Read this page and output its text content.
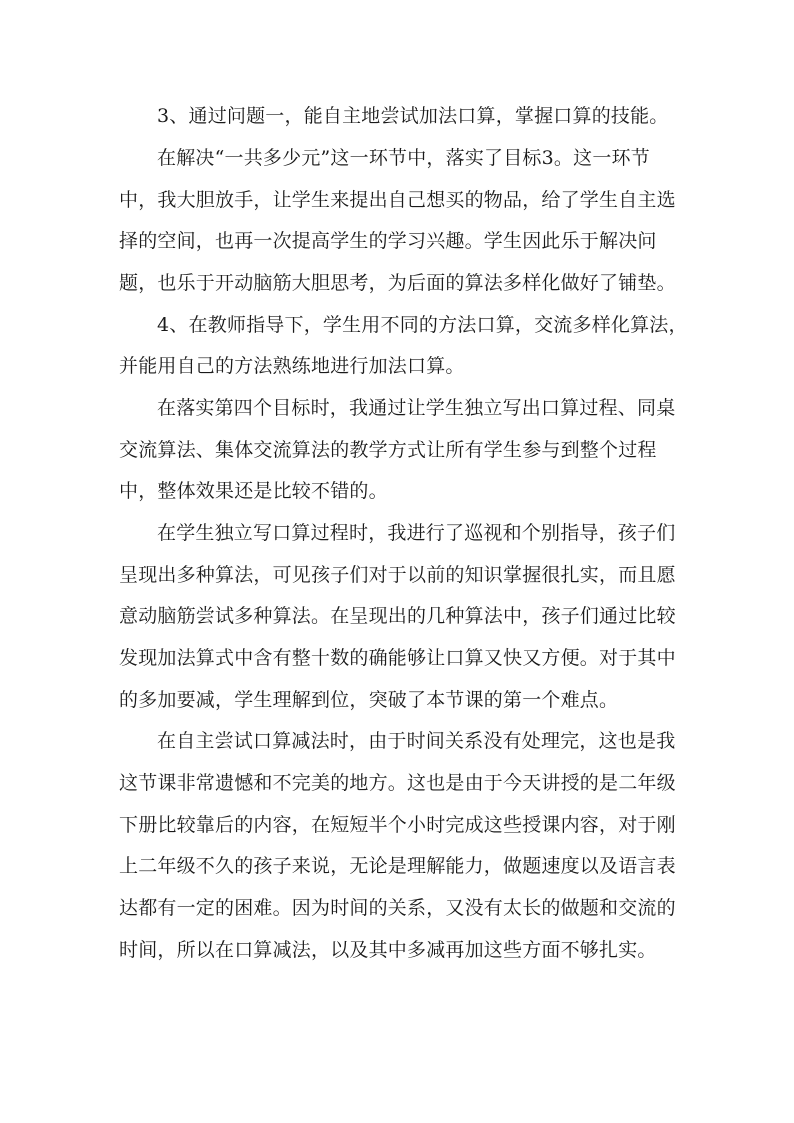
3、通过问题一，能自主地尝试加法口算，掌握口算的技能。
在解决“一共多少元”这一环节中，落实了目标3。这一环节
中，我大胆放手，让学生来提出自己想买的物品，给了学生自主选
择的空间，也再一次提高学生的学习兴趣。学生因此乐于解决问
题，也乐于开动脑筋大胆思考，为后面的算法多样化做好了铺垫。
4、在教师指导下，学生用不同的方法口算，交流多样化算法，
并能用自己的方法熟练地进行加法口算。
在落实第四个目标时，我通过让学生独立写出口算过程、同桌
交流算法、集体交流算法的教学方式让所有学生参与到整个过程
中，整体效果还是比较不错的。
在学生独立写口算过程时，我进行了巡视和个别指导，孩子们
呈现出多种算法，可见孩子们对于以前的知识掌握很扎实，而且愿
意动脑筋尝试多种算法。在呈现出的几种算法中，孩子们通过比较
发现加法算式中含有整十数的确能够让口算又快又方便。对于其中
的多加要减，学生理解到位，突破了本节课的第一个难点。
在自主尝试口算减法时，由于时间关系没有处理完，这也是我
这节课非常遗憾和不完美的地方。这也是由于今天讲授的是二年级
下册比较靠后的内容，在短短半个小时完成这些授课内容，对于刚
上二年级不久的孩子来说，无论是理解能力，做题速度以及语言表
达都有一定的困难。因为时间的关系，又没有太长的做题和交流的
时间，所以在口算减法，以及其中多减再加这些方面不够扎实。
